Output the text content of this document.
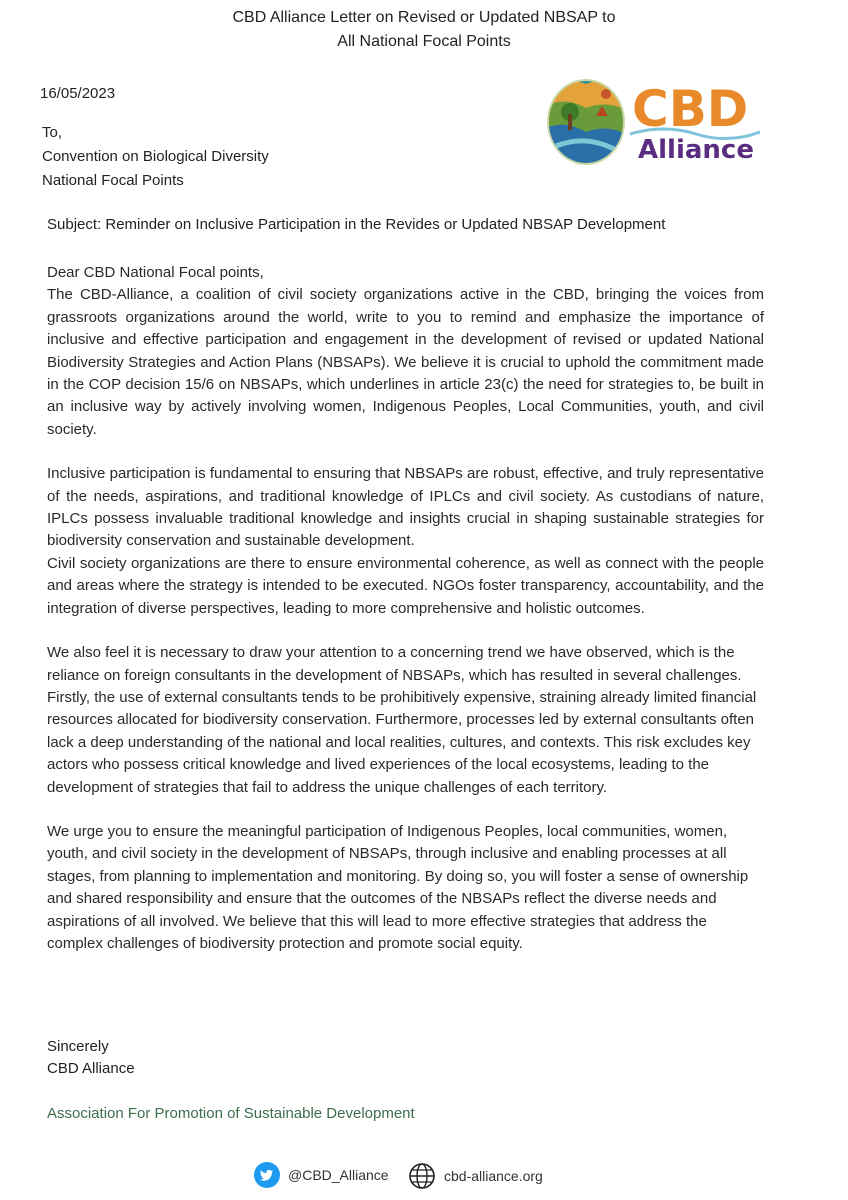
CBD Alliance Letter on Revised or Updated NBSAP to
All National Focal Points
16/05/2023	CBD
Alliance
To,
Convention on Biological Diversity
National Focal Points
Subject: Reminder on Inclusive Participation in the Revides or Updated NBSAP Development

Dear CBD National Focal points,

The CBD-Alliance, a coalition of civil society organizations active in the CBD, bringing the voices from grassroots organizations around the world, write to you to remind and emphasize the importance of inclusive and effective participation and engagement in the development of revised or updated National Biodiversity Strategies and Action Plans (NBSAPs). We believe it is crucial to uphold the commitment made in the COP decision 15/6 on NBSAPs, which underlines in article 23(c) the need for strategies to, be built in an inclusive way by actively involving women, Indigenous Peoples, Local Communities, youth, and civil society.

Inclusive participation is fundamental to ensuring that NBSAPs are robust, effective, and truly representative of the needs, aspirations, and traditional knowledge of IPLCs and civil society. As custodians of nature, IPLCs possess invaluable traditional knowledge and insights crucial in shaping sustainable strategies for biodiversity conservation and sustainable development.

Civil society organizations are there to ensure environmental coherence, as well as connect with the people and areas where the strategy is intended to be executed. NGOs foster transparency, accountability, and the integration of diverse perspectives, leading to more comprehensive and holistic outcomes.

We also feel it is necessary to draw your attention to a concerning trend we have observed, which is the reliance on foreign consultants in the development of NBSAPs, which has resulted in several challenges. Firstly, the use of external consultants tends to be prohibitively expensive, straining already limited financial resources allocated for biodiversity conservation. Furthermore, processes led by external consultants often lack a deep understanding of the national and local realities, cultures, and contexts. This risk excludes key actors who possess critical knowledge and lived experiences of the local ecosystems, leading to the development of strategies that fail to address the unique challenges of each territory.

We urge you to ensure the meaningful participation of Indigenous Peoples, local communities, women, youth, and civil society in the development of NBSAPs, through inclusive and enabling processes at all stages, from planning to implementation and monitoring. By doing so, you will foster a sense of ownership and shared responsibility and ensure that the outcomes of the NBSAPs reflect the diverse needs and aspirations of all involved. We believe that this will lead to more effective strategies that address the complex challenges of biodiversity protection and promote social equity.

Sincerely
CBD Alliance
Association For Promotion of Sustainable Development
@CBD_Alliance	cbd-alliance.org
